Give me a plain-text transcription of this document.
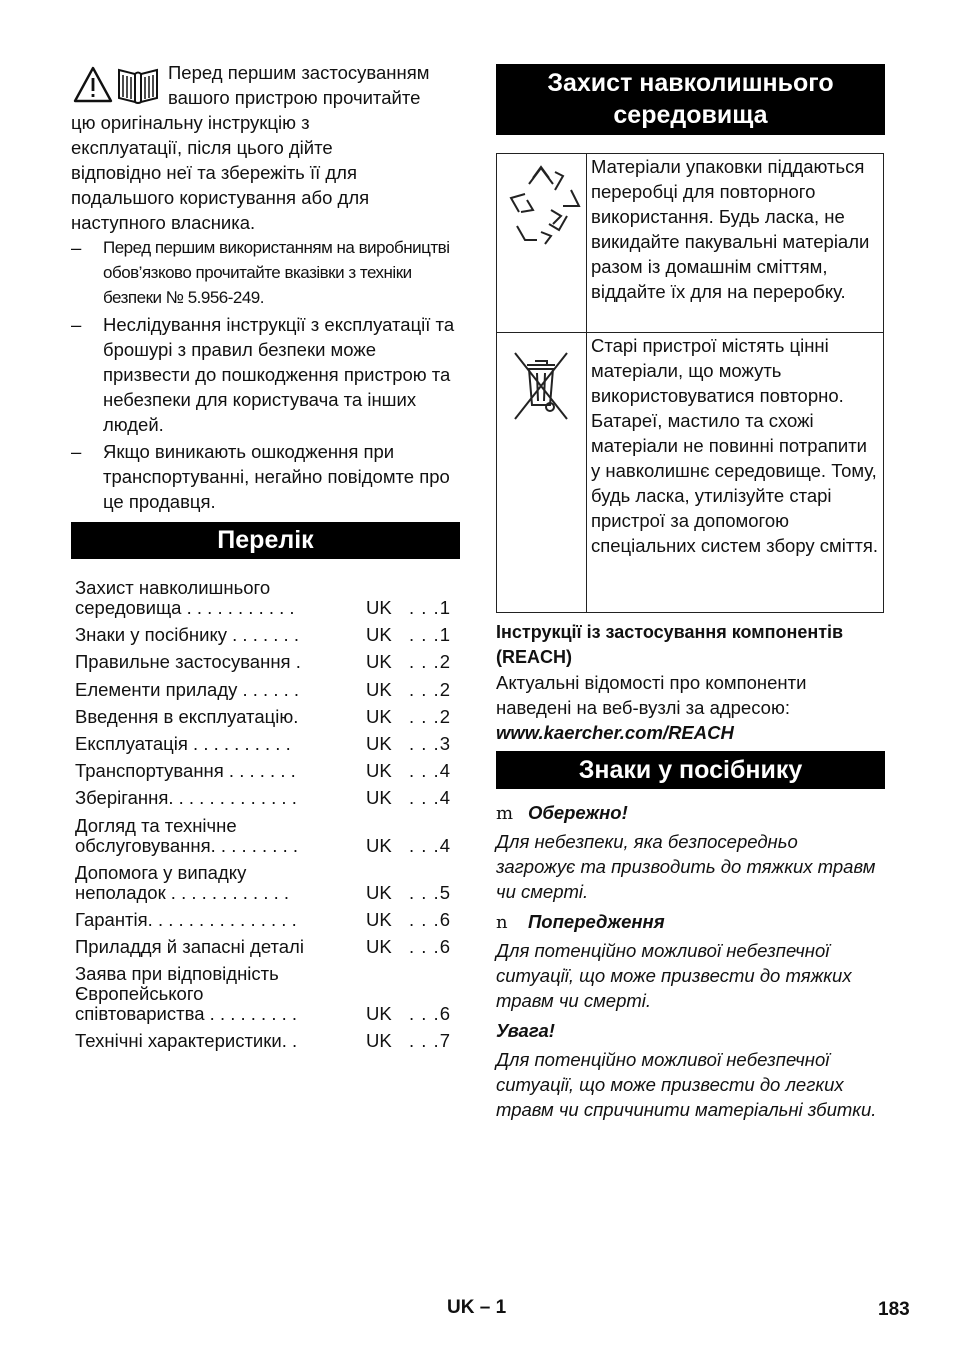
Перед першим застосуванням
вашого пристрою прочитайте
цю оригінальну інструкцію з
експлуатації, після цього дійте
відповідно неї та збережіть її для
подальшого користування або для
наступного власника.
– Перед першим використанням на виробництві обов’язково прочитайте вказівки з техніки безпеки № 5.956-249.
– Неслідування інструкції з експлуатації та брошурі з правил безпеки може призвести до пошкодження пристрою та небезпеки для користувача та інших людей.
– Якщо виникають ошкодження при транспортуванні, негайно повідомте про це продавця.
Перелік
Захист навколишнього
середовища . . . . . . . . . . .	UK . . .1
Знаки у посібнику . . . . . . .	UK . . .1
Правильне застосування .	UK . . .2
Елементи приладу . . . . . .	UK . . .2
Введення в експлуатацію.	UK . . .2
Експлуатація . . . . . . . . . .	UK . . .3
Транспортування . . . . . . .	UK . . .4
Зберігання. . . . . . . . . . . . .	UK . . .4
Догляд та технічне
обслуговування. . . . . . . . .	UK . . .4
Допомога у випадку
неполадок . . . . . . . . . . . .	UK . . .5
Гарантія. . . . . . . . . . . . . . .	UK . . .6
Приладдя й запасні деталі	UK . . .6
Заява при відповідність
Європейського
співтовариства . . . . . . . . .	UK . . .6
Технічні характеристики. .	UK . . .7
Захист навколишнього
середовища
	Матеріали упаковки піддаються переробці для повторного використання. Будь ласка, не викидайте пакувальні матеріали разом із домашнім сміттям, віддайте їх для на переробку.
	Старі пристрої містять цінні матеріали, що можуть використовуватися повторно. Батареї, мастило та схожі матеріали не повинні потрапити у навколишнє середовище. Тому, будь ласка, утилізуйте старі пристрої за допомогою спеціальних систем збору сміття.
Інструкції із застосування компонентів (REACH)
Актуальні відомості про компоненти наведені на веб-вузлі за адресою:
www.kaercher.com/REACH
Знаки у посібнику
m Обережно!
Для небезпеки, яка безпосередньо загрожує та призводить до тяжких травм чи смерті.
n Попередження
Для потенційно можливої небезпечної ситуації, що може призвести до тяжких травм чи смерті.
Увага!
Для потенційно можливої небезпечної ситуації, що може призвести до легких травм чи спричинити матеріальні збитки.
UK – 1	183
